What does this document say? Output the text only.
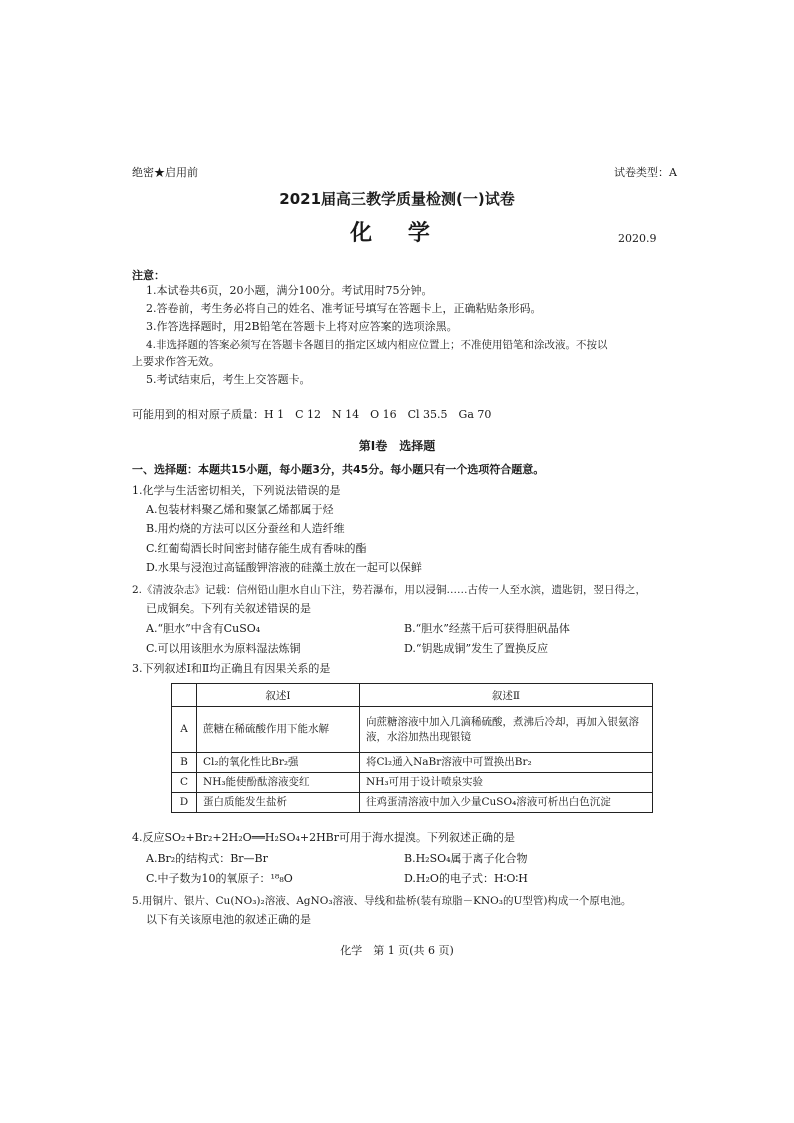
绝密★启用前	试卷类型：A
2021届高三教学质量检测(一)试卷
化 学	2020.9
注意：
1.本试卷共6页，20小题，满分100分。考试用时75分钟。
2.答卷前，考生务必将自己的姓名、准考证号填写在答题卡上，正确粘贴条形码。
3.作答选择题时，用2B铅笔在答题卡上将对应答案的选项涂黑。
4.非选择题的答案必须写在答题卡各题目的指定区域内相应位置上；不准使用铅笔和涂改液。不按以
上要求作答无效。
5.考试结束后，考生上交答题卡。
可能用到的相对原子质量：H 1　C 12　N 14　O 16　Cl 35.5　Ga 70
第Ⅰ卷　选择题
一、选择题：本题共15小题，每小题3分，共45分。每小题只有一个选项符合题意。
1.化学与生活密切相关，下列说法错误的是
A.包装材料聚乙烯和聚氯乙烯都属于烃
B.用灼烧的方法可以区分蚕丝和人造纤维
C.红葡萄酒长时间密封储存能生成有香味的酯
D.水果与浸泡过高锰酸钾溶液的硅藻土放在一起可以保鲜
2.《清波杂志》记载：信州铅山胆水自山下注，势若瀑布，用以浸铜……古传一人至水滨，遗匙钥，翌日得之，
已成铜矣。下列有关叙述错误的是
A.“胆水”中含有CuSO₄	B.“胆水”经蒸干后可获得胆矾晶体
C.可以用该胆水为原料湿法炼铜	D.“钥匙成铜”发生了置换反应
3.下列叙述Ⅰ和Ⅱ均正确且有因果关系的是
	叙述Ⅰ	叙述Ⅱ
A	蔗糖在稀硫酸作用下能水解	向蔗糖溶液中加入几滴稀硫酸，煮沸后冷却，再加入银氨溶液，水浴加热出现银镜
B	Cl₂的氧化性比Br₂强	将Cl₂通入NaBr溶液中可置换出Br₂
C	NH₃能使酚酞溶液变红	NH₃可用于设计喷泉实验
D	蛋白质能发生盐析	往鸡蛋清溶液中加入少量CuSO₄溶液可析出白色沉淀
4.反应SO₂+Br₂+2H₂O══H₂SO₄+2HBr可用于海水提溴。下列叙述正确的是
A.Br₂的结构式：Br—Br	B.H₂SO₄属于离子化合物
C.中子数为10的氧原子：¹⁸₈O	D.H₂O的电子式：H∶O∶H
5.用铜片、银片、Cu(NO₃)₂溶液、AgNO₃溶液、导线和盐桥(装有琼脂－KNO₃的U型管)构成一个原电池。
以下有关该原电池的叙述正确的是
化学　第 1 页(共 6 页)
